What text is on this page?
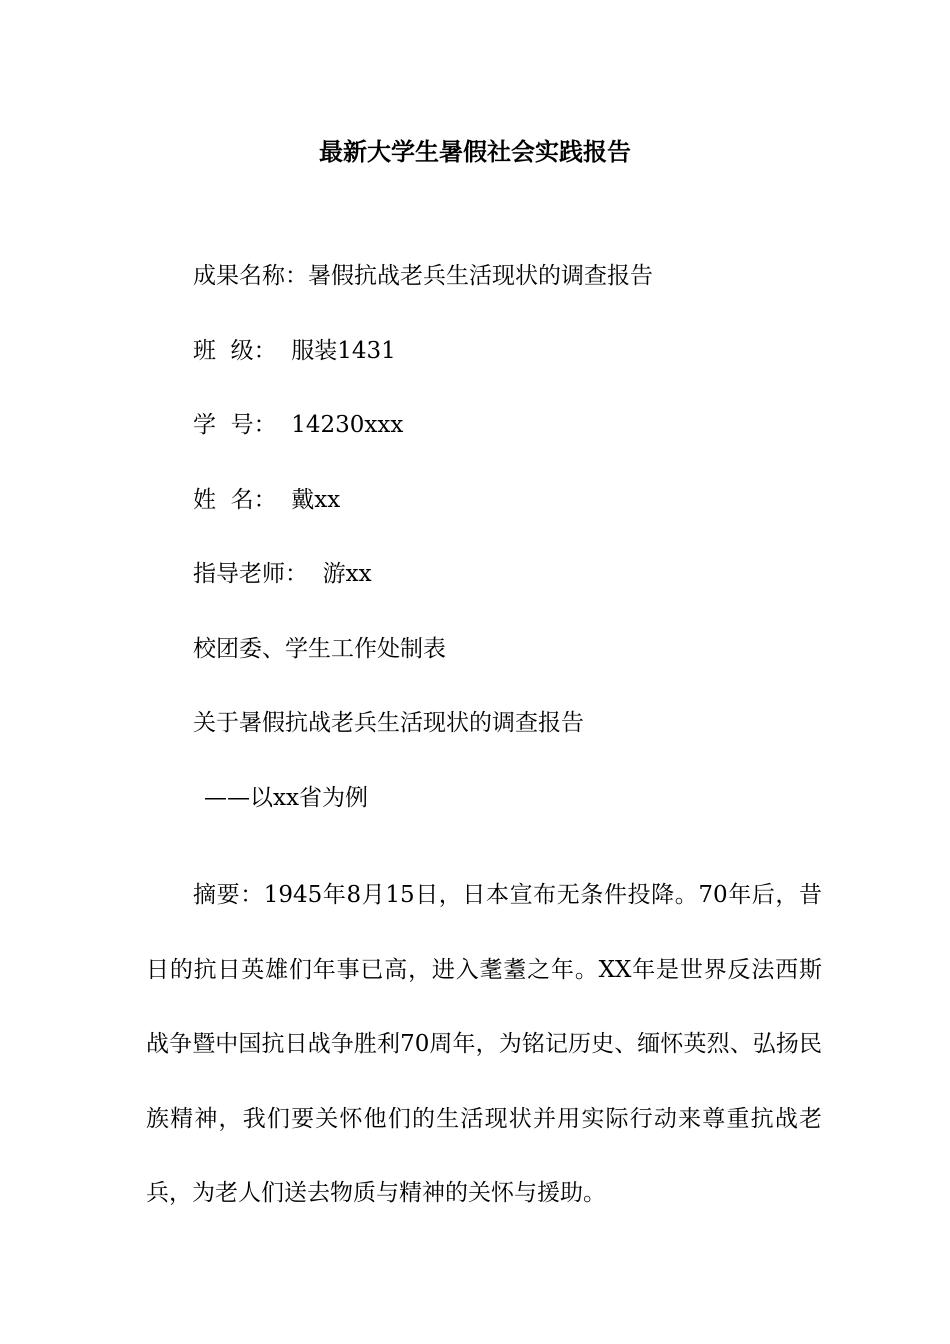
最新大学生暑假社会实践报告
成果名称：暑假抗战老兵生活现状的调查报告
班  级：  服装1431
学  号：  14230xxx
姓  名：  戴xx
指导老师：  游xx
校团委、学生工作处制表
关于暑假抗战老兵生活现状的调查报告
——以xx省为例

摘要：1945年8月15日，日本宣布无条件投降。70年后，昔日的抗日英雄们年事已高，进入耄耋之年。XX年是世界反法西斯战争暨中国抗日战争胜利70周年，为铭记历史、缅怀英烈、弘扬民族精神，我们要关怀他们的生活现状并用实际行动来尊重抗战老兵，为老人们送去物质与精神的关怀与援助。
